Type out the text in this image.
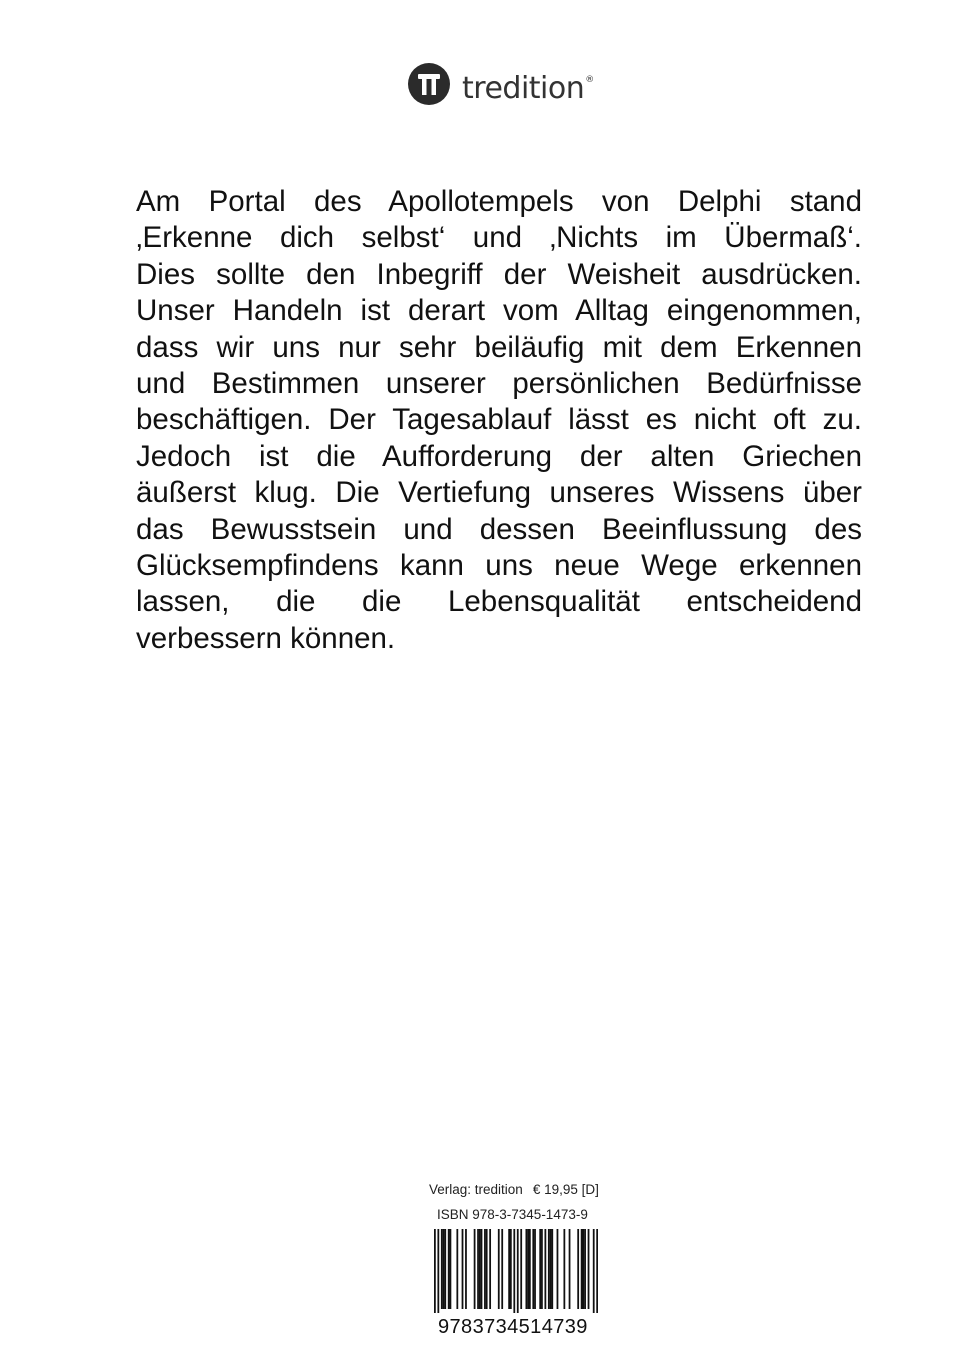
tredition®
Am Portal des Apollotempels von Delphi stand
‚Erkenne dich selbst‘ und ‚Nichts im Übermaß‘.
Dies sollte den Inbegriff der Weisheit ausdrücken.
Unser Handeln ist derart vom Alltag eingenommen,
dass wir uns nur sehr beiläufig mit dem Erkennen
und Bestimmen unserer persönlichen Bedürfnisse
beschäftigen. Der Tagesablauf lässt es nicht oft zu.
Jedoch ist die Aufforderung der alten Griechen
äußerst klug. Die Vertiefung unseres Wissens über
das Bewusstsein und dessen Beeinflussung des
Glücksempfindens kann uns neue Wege erkennen
lassen, die die Lebensqualität entscheidend
verbessern können.
Verlag: tredition € 19,95 [D]
ISBN 978-3-7345-1473-9
9783734514739
